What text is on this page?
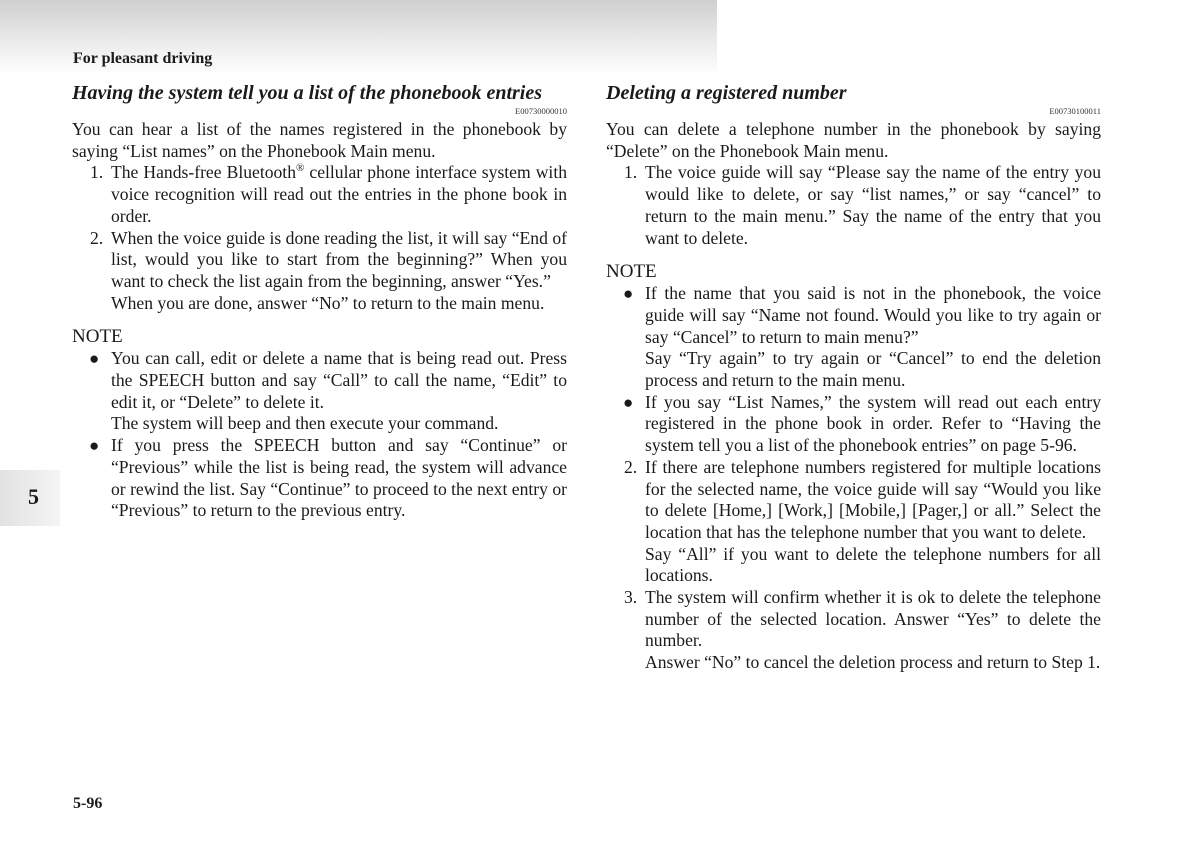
For pleasant driving
5
5-96
Having the system tell you a list of the phonebook entries
E00730000010

You can hear a list of the names registered in the phonebook by saying “List names” on the Phonebook Main menu.

1. The Hands-free Bluetooth® cellular phone interface system with voice recognition will read out the entries in the phone book in order.
2. When the voice guide is done reading the list, it will say “End of list, would you like to start from the beginning?” When you want to check the list again from the beginning, answer “Yes.”
When you are done, answer “No” to return to the main menu.
NOTE
● You can call, edit or delete a name that is being read out. Press the SPEECH button and say “Call” to call the name, “Edit” to edit it, or “Delete” to delete it.
The system will beep and then execute your command.
● If you press the SPEECH button and say “Continue” or “Previous” while the list is being read, the system will advance or rewind the list. Say “Continue” to proceed to the next entry or “Previous” to return to the previous entry.
Deleting a registered number
E00730100011

You can delete a telephone number in the phonebook by saying “Delete” on the Phonebook Main menu.

1. The voice guide will say “Please say the name of the entry you would like to delete, or say “list names,” or say “cancel” to return to the main menu.” Say the name of the entry that you want to delete.
NOTE
● If the name that you said is not in the phonebook, the voice guide will say “Name not found. Would you like to try again or say “Cancel” to return to main menu?”
Say “Try again” to try again or “Cancel” to end the deletion process and return to the main menu.
● If you say “List Names,” the system will read out each entry registered in the phone book in order. Refer to “Having the system tell you a list of the phonebook entries” on page 5-96.
2. If there are telephone numbers registered for multiple locations for the selected name, the voice guide will say “Would you like to delete [Home,] [Work,] [Mobile,] [Pager,] or all.” Select the location that has the telephone number that you want to delete.
Say “All” if you want to delete the telephone numbers for all locations.
3. The system will confirm whether it is ok to delete the telephone number of the selected location. Answer “Yes” to delete the number.
Answer “No” to cancel the deletion process and return to Step 1.
